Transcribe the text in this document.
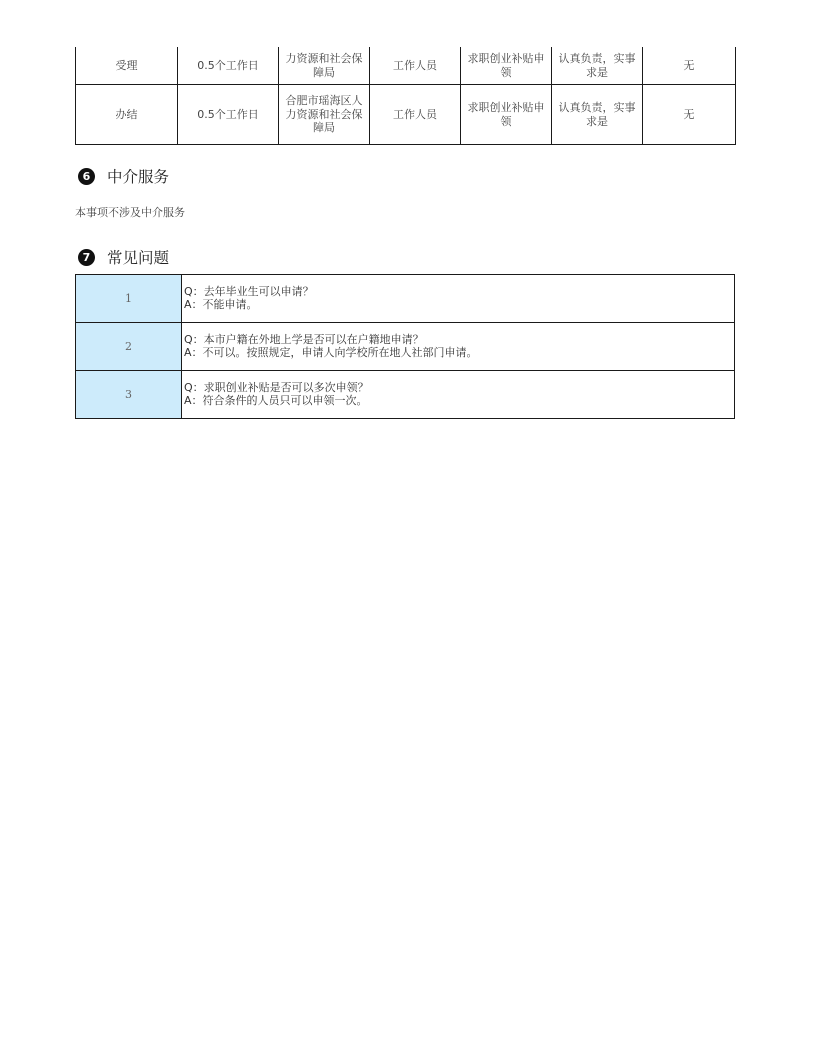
受理	0.5个工作日	力资源和社会保障局	工作人员	求职创业补贴申领	认真负责，实事求是	无
办结	0.5个工作日	合肥市瑶海区人力资源和社会保障局	工作人员	求职创业补贴申领	认真负责，实事求是	无
6	中介服务
本事项不涉及中介服务
7	常见问题
1	Q：去年毕业生可以申请？
A：不能申请。

2	Q：本市户籍在外地上学是否可以在户籍地申请？
A：不可以。按照规定，申请人向学校所在地人社部门申请。

3	Q：求职创业补贴是否可以多次申领？
A：符合条件的人员只可以申领一次。
